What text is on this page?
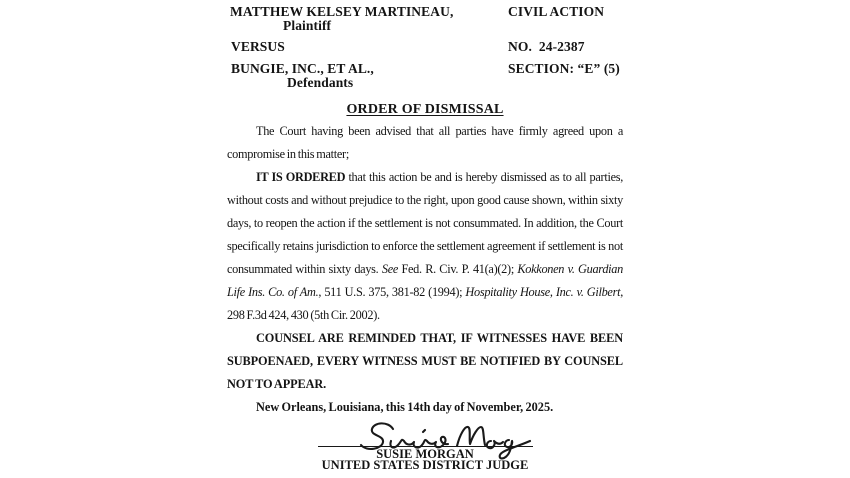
MATTHEW KELSEY MARTINEAU,
Plaintiff
VERSUS
BUNGIE, INC., ET AL.,
Defendants
CIVIL ACTION
NO.  24-2387
SECTION: “E” (5)
ORDER OF DISMISSAL

The Court having been advised that all parties have firmly agreed upon a compromise in this matter;

IT IS ORDERED that this action be and is hereby dismissed as to all parties, without costs and without prejudice to the right, upon good cause shown, within sixty days, to reopen the action if the settlement is not consummated. In addition, the Court specifically retains jurisdiction to enforce the settlement agreement if settlement is not consummated within sixty days. See Fed. R. Civ. P. 41(a)(2); Kokkonen v. Guardian Life Ins. Co. of Am., 511 U.S. 375, 381-82 (1994); Hospitality House, Inc. v. Gilbert, 298 F.3d 424, 430 (5th Cir. 2002).

COUNSEL ARE REMINDED THAT, IF WITNESSES HAVE BEEN SUBPOENAED, EVERY WITNESS MUST BE NOTIFIED BY COUNSEL NOT TO APPEAR.

New Orleans, Louisiana, this 14th day of November, 2025.

SUSIE MORGAN
UNITED STATES DISTRICT JUDGE
